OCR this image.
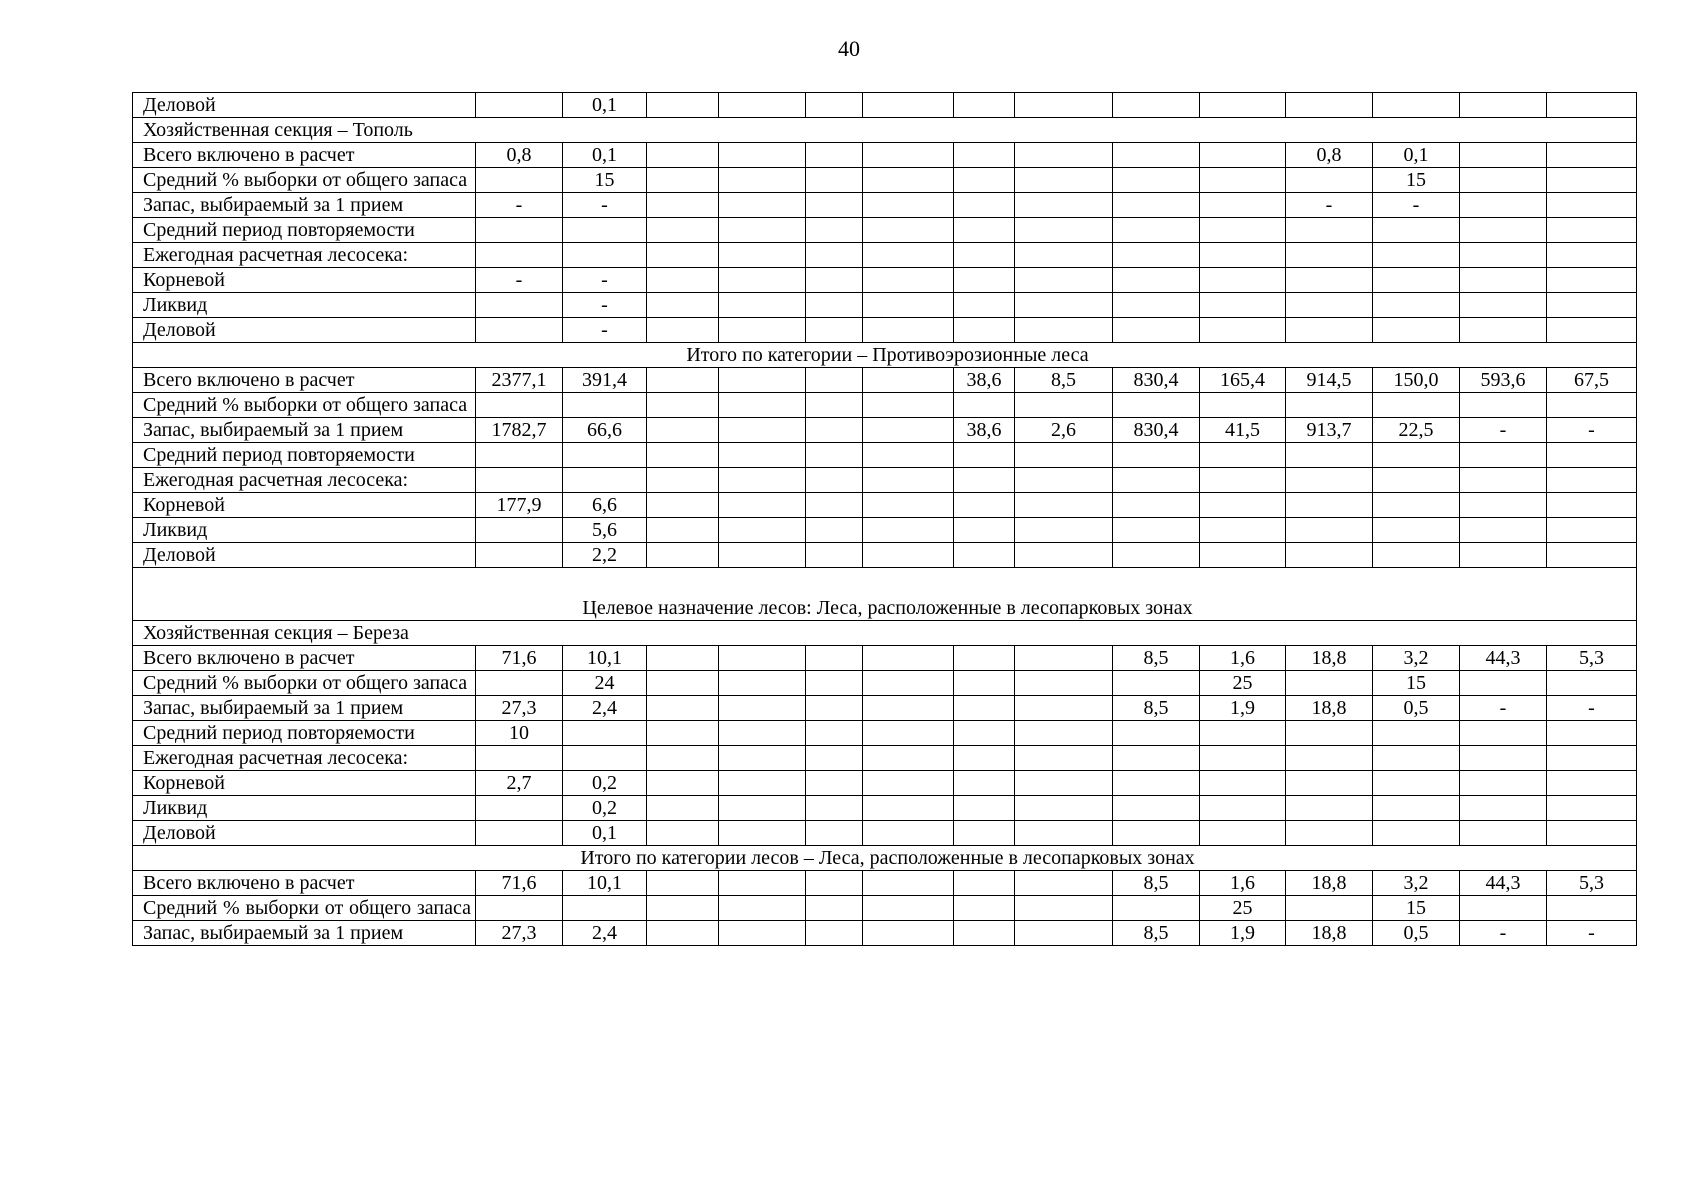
40
Деловой		0,1												
Хозяйственная секция – Тополь														
Всего включено в расчет	0,8	0,1									0,8	0,1		
Средний % выборки от общего запаса		15										15		
Запас, выбираемый за 1 прием	-	-									-	-		
Средний период повторяемости														
Ежегодная расчетная лесосека:														
Корневой	-	-												
Ликвид		-												
Деловой		-												
Итого по категории – Противоэрозионные леса														
Всего включено в расчет	2377,1	391,4					38,6	8,5	830,4	165,4	914,5	150,0	593,6	67,5
Средний % выборки от общего запаса														
Запас, выбираемый за 1 прием	1782,7	66,6					38,6	2,6	830,4	41,5	913,7	22,5	-	-
Средний период повторяемости														
Ежегодная расчетная лесосека:														
Корневой	177,9	6,6												
Ликвид		5,6												
Деловой		2,2												
Целевое назначение лесов: Леса, расположенные в лесопарковых зонах														
Хозяйственная секция – Береза														
Всего включено в расчет	71,6	10,1							8,5	1,6	18,8	3,2	44,3	5,3
Средний % выборки от общего запаса		24								25		15		
Запас, выбираемый за 1 прием	27,3	2,4							8,5	1,9	18,8	0,5	-	-
Средний период повторяемости	10													
Ежегодная расчетная лесосека:														
Корневой	2,7	0,2												
Ликвид		0,2												
Деловой		0,1												
Итого по категории лесов – Леса, расположенные в лесопарковых зонах														
Всего включено в расчет	71,6	10,1							8,5	1,6	18,8	3,2	44,3	5,3
Средний % выборки от общего запаса										25		15		
Запас, выбираемый за 1 прием	27,3	2,4							8,5	1,9	18,8	0,5	-	-
